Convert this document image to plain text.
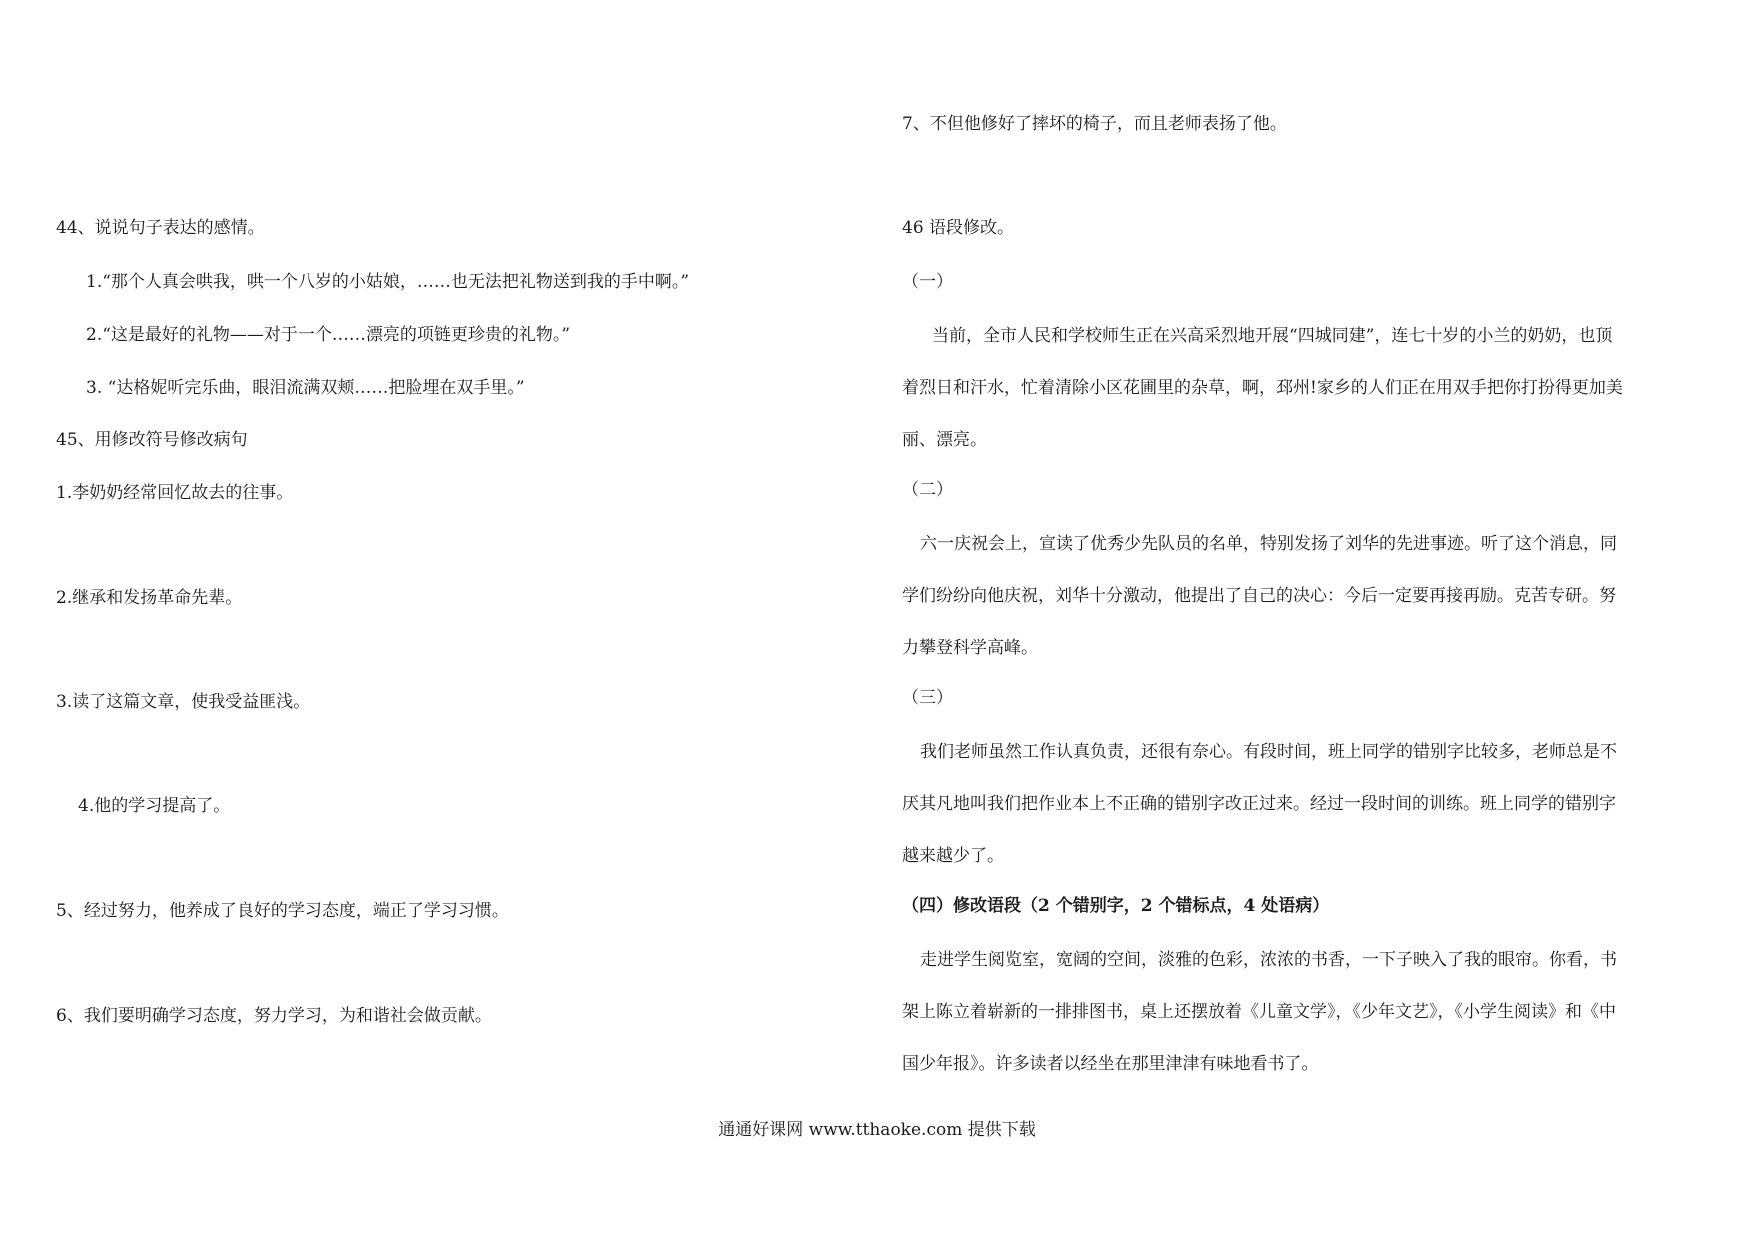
44、说说句子表达的感情。
1.“那个人真会哄我，哄一个八岁的小姑娘，……也无法把礼物送到我的手中啊。”
2.“这是最好的礼物——对于一个……漂亮的项链更珍贵的礼物。”
3. “达格妮听完乐曲，眼泪流满双颊……把脸埋在双手里。”
45、用修改符号修改病句
1.李奶奶经常回忆故去的往事。
2.继承和发扬革命先辈。
3.读了这篇文章，使我受益匪浅。
4.他的学习提高了。
5、经过努力，他养成了良好的学习态度，端正了学习习惯。
6、我们要明确学习态度，努力学习，为和谐社会做贡献。
7、不但他修好了摔坏的椅子，而且老师表扬了他。
46 语段修改。
（一）
当前，全市人民和学校师生正在兴高采烈地开展“四城同建”，连七十岁的小兰的奶奶，也顶
着烈日和汗水，忙着清除小区花圃里的杂草，啊，邳州!家乡的人们正在用双手把你打扮得更加美
丽、漂亮。
（二）
六一庆祝会上，宣读了优秀少先队员的名单，特别发扬了刘华的先进事迹。听了这个消息，同
学们纷纷向他庆祝，刘华十分激动，他提出了自己的决心：今后一定要再接再励。克苦专研。努
力攀登科学高峰。
（三）
我们老师虽然工作认真负责，还很有奈心。有段时间，班上同学的错别字比较多，老师总是不
厌其凡地叫我们把作业本上不正确的错别字改正过来。经过一段时间的训练。班上同学的错别字
越来越少了。
（四）修改语段（2 个错别字，2 个错标点，4 处语病）
走进学生阅览室，宽阔的空间，淡雅的色彩，浓浓的书香，一下子映入了我的眼帘。你看，书
架上陈立着崭新的一排排图书，桌上还摆放着《儿童文学》，《少年文艺》，《小学生阅读》和《中
国少年报》。许多读者以经坐在那里津津有味地看书了。
通通好课网 www.tthaoke.com 提供下载
